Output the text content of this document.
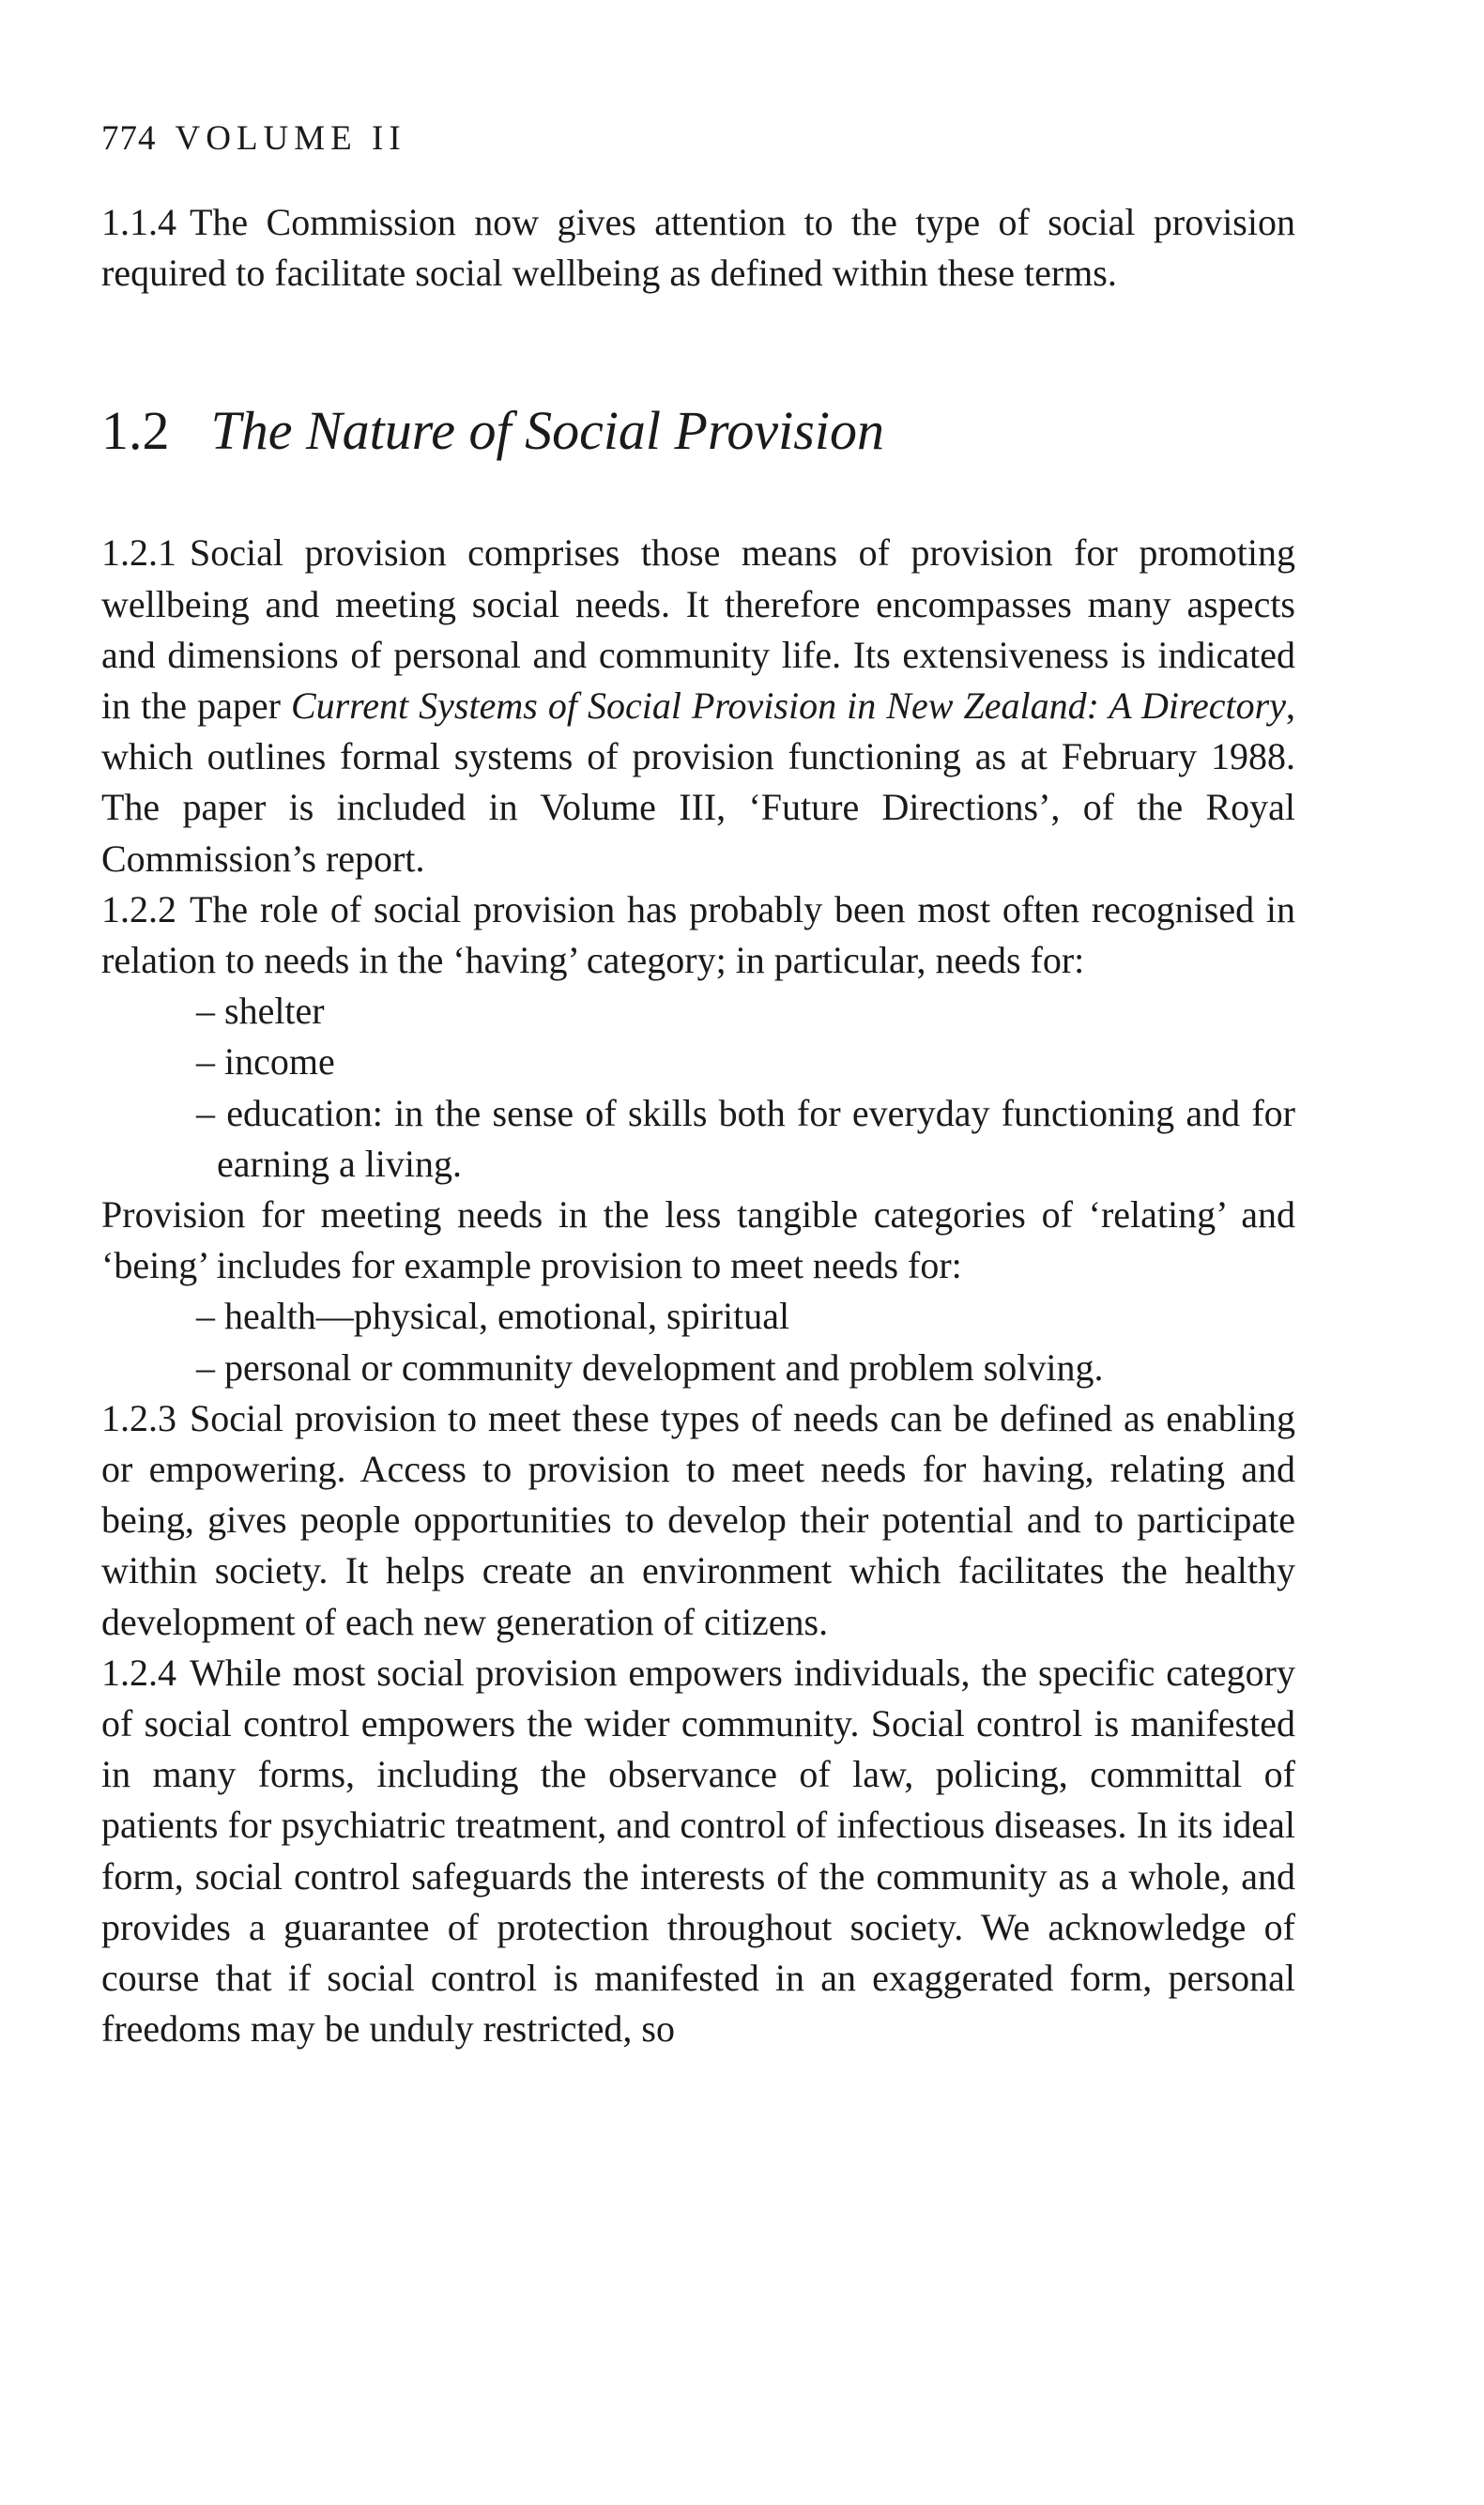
774 VOLUME II

1.1.4 The Commission now gives attention to the type of social provision required to facilitate social wellbeing as defined within these terms.

1.2 The Nature of Social Provision

1.2.1 Social provision comprises those means of provision for promoting wellbeing and meeting social needs. It therefore encompasses many aspects and dimensions of personal and community life. Its extensiveness is indicated in the paper Current Systems of Social Provision in New Zealand: A Directory, which outlines formal systems of provision functioning as at February 1988. The paper is included in Volume III, ‘Future Directions’, of the Royal Commission’s report.

1.2.2 The role of social provision has probably been most often recognised in relation to needs in the ‘having’ category; in particular, needs for:

– shelter
– income
– education: in the sense of skills both for everyday functioning and for earning a living.

Provision for meeting needs in the less tangible categories of ‘relating’ and ‘being’ includes for example provision to meet needs for:

– health—physical, emotional, spiritual
– personal or community development and problem solving.

1.2.3 Social provision to meet these types of needs can be defined as enabling or empowering. Access to provision to meet needs for having, relating and being, gives people opportunities to develop their potential and to participate within society. It helps create an environment which facilitates the healthy development of each new generation of citizens.

1.2.4 While most social provision empowers individuals, the specific category of social control empowers the wider community. Social control is manifested in many forms, including the observance of law, policing, committal of patients for psychiatric treatment, and control of infectious diseases. In its ideal form, social control safeguards the interests of the community as a whole, and provides a guarantee of protection throughout society. We acknowledge of course that if social control is manifested in an exaggerated form, personal freedoms may be unduly restricted, so
